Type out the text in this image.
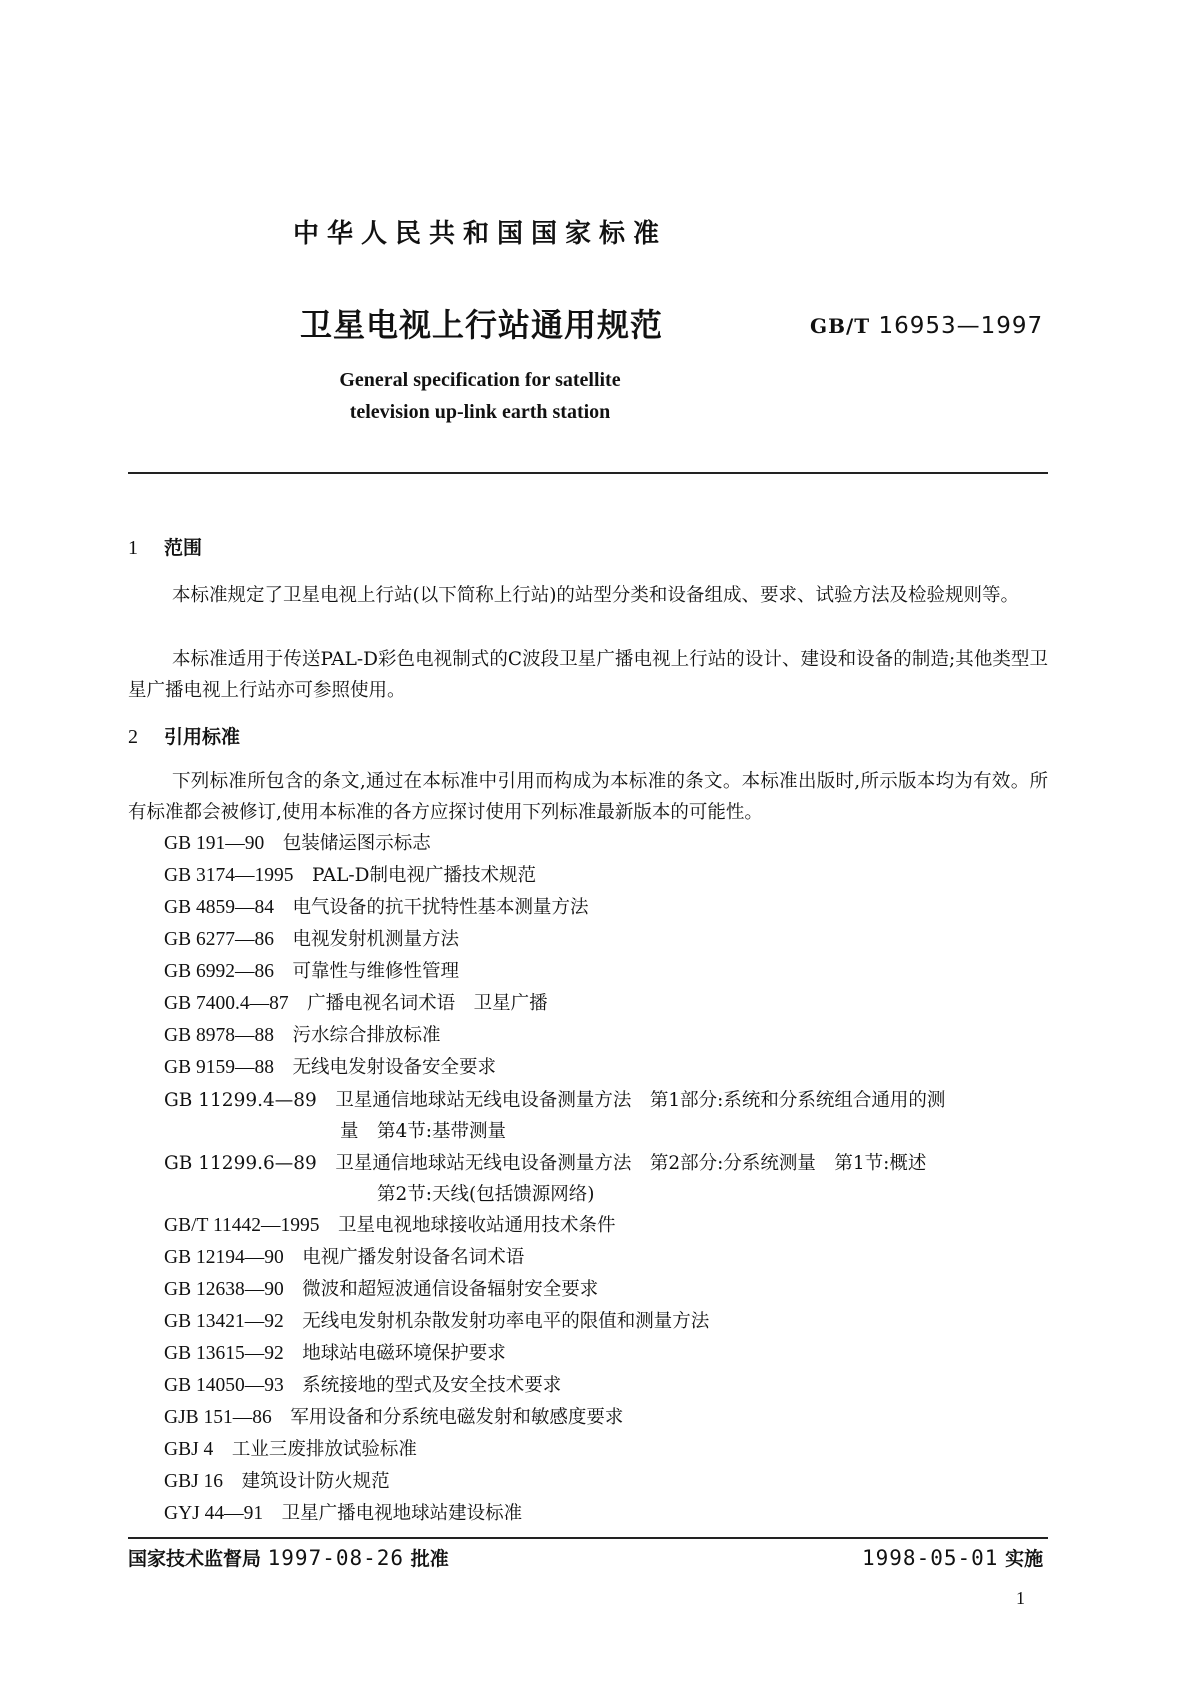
中华人民共和国国家标准
卫星电视上行站通用规范	GB/T 16953—1997
General specification for satellite
television up-link earth station
1 范围

本标准规定了卫星电视上行站(以下简称上行站)的站型分类和设备组成、要求、试验方法及检验规则等。

本标准适用于传送PAL-D彩色电视制式的C波段卫星广播电视上行站的设计、建设和设备的制造;其他类型卫星广播电视上行站亦可参照使用。

2 引用标准

下列标准所包含的条文,通过在本标准中引用而构成为本标准的条文。本标准出版时,所示版本均为有效。所有标准都会被修订,使用本标准的各方应探讨使用下列标准最新版本的可能性。

GB 191—90　 包装储运图示标志
GB 3174—1995　 PAL-D制电视广播技术规范
GB 4859—84　 电气设备的抗干扰特性基本测量方法
GB 6277—86　 电视发射机测量方法
GB 6992—86　 可靠性与维修性管理
GB 7400.4—87　 广播电视名词术语　卫星广播
GB 8978—88　 污水综合排放标准
GB 9159—88　 无线电发射设备安全要求
GB 11299.4—89　 卫星通信地球站无线电设备测量方法　第1部分:系统和分系统组合通用的测
量　第4节:基带测量
GB 11299.6—89　 卫星通信地球站无线电设备测量方法　第2部分:分系统测量　第1节:概述
　　第2节:天线(包括馈源网络)
GB/T 11442—1995　 卫星电视地球接收站通用技术条件
GB 12194—90　 电视广播发射设备名词术语
GB 12638—90　 微波和超短波通信设备辐射安全要求
GB 13421—92　 无线电发射机杂散发射功率电平的限值和测量方法
GB 13615—92　 地球站电磁环境保护要求
GB 14050—93　 系统接地的型式及安全技术要求
GJB 151—86　 军用设备和分系统电磁发射和敏感度要求
GBJ 4　 工业三废排放试验标准
GBJ 16　 建筑设计防火规范
GYJ 44—91　 卫星广播电视地球站建设标准
国家技术监督局 1997-08-26 批准	1998-05-01 实施
1
